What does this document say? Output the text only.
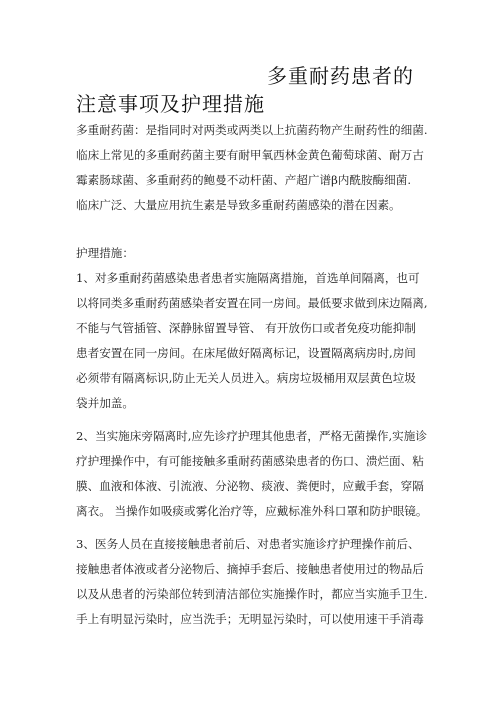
多重耐药患者的
注意事项及护理措施
多重耐药菌：是指同时对两类或两类以上抗菌药物产生耐药性的细菌.
临床上常见的多重耐药菌主要有耐甲氧西林金黄色葡萄球菌、耐万古
霉素肠球菌、多重耐药的鲍曼不动杆菌、产超广谱β内酰胺酶细菌.
临床广泛、大量应用抗生素是导致多重耐药菌感染的潜在因素。
护理措施：
1、对多重耐药菌感染患者患者实施隔离措施，首选单间隔离，也可
以将同类多重耐药菌感染者安置在同一房间。最低要求做到床边隔离,
不能与气管插管、深静脉留置导管、 有开放伤口或者免疫功能抑制
患者安置在同一房间。在床尾做好隔离标记，设置隔离病房时,房间
必须带有隔离标识,防止无关人员进入。病房垃圾桶用双层黄色垃圾
袋并加盖。
2、当实施床旁隔离时,应先诊疗护理其他患者，严格无菌操作,实施诊
疗护理操作中，有可能接触多重耐药菌感染患者的伤口、溃烂面、粘
膜、血液和体液、引流液、分泌物、痰液、粪便时，应戴手套，穿隔
离衣。 当操作如吸痰或雾化治疗等，应戴标准外科口罩和防护眼镜。
3、医务人员在直接接触患者前后、对患者实施诊疗护理操作前后、
接触患者体液或者分泌物后、摘掉手套后、接触患者使用过的物品后
以及从患者的污染部位转到清洁部位实施操作时，都应当实施手卫生.
手上有明显污染时，应当洗手；无明显污染时，可以使用速干手消毒
